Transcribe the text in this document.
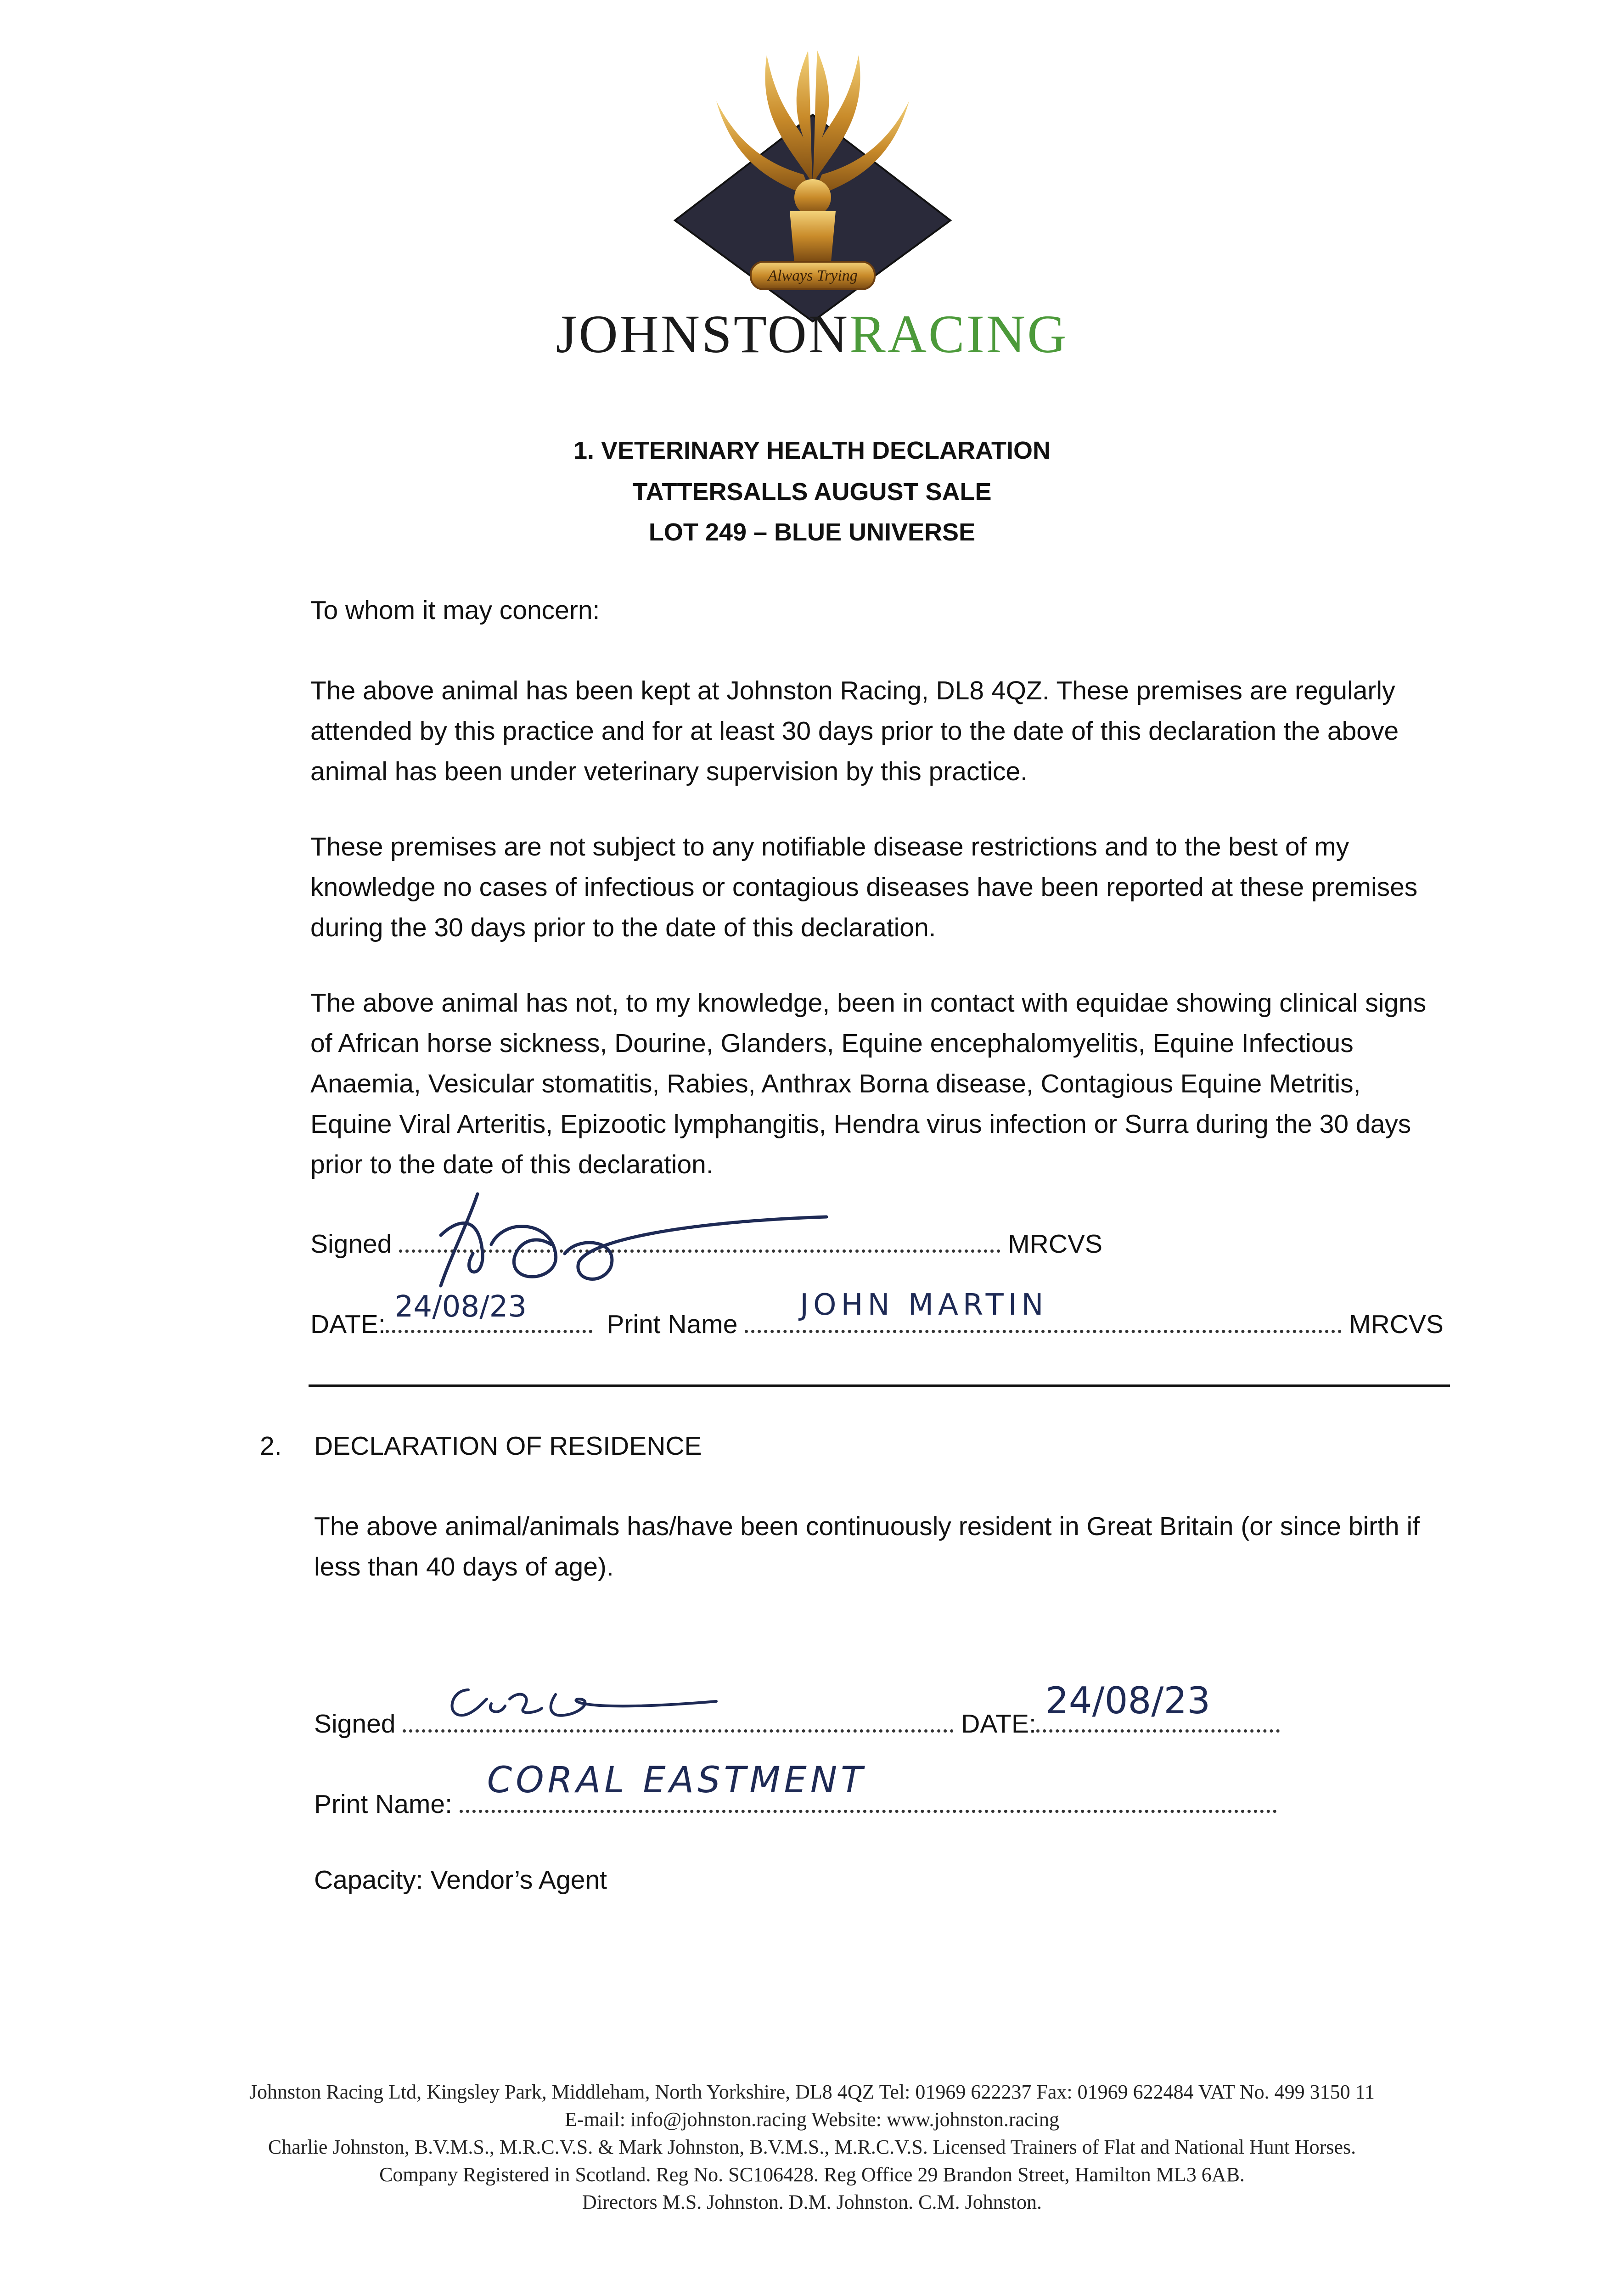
Always Trying
JOHNSTONRACING
1. VETERINARY HEALTH DECLARATION
TATTERSALLS AUGUST SALE
LOT 249 – BLUE UNIVERSE
To whom it may concern:
The above animal has been kept at Johnston Racing, DL8 4QZ. These premises are regularly attended by this practice and for at least 30 days prior to the date of this declaration the above animal has been under veterinary supervision by this practice.
These premises are not subject to any notifiable disease restrictions and to the best of my knowledge no cases of infectious or contagious diseases have been reported at these premises during the 30 days prior to the date of this declaration.
The above animal has not, to my knowledge, been in contact with equidae showing clinical signs of African horse sickness, Dourine, Glanders, Equine encephalomyelitis, Equine Infectious Anaemia, Vesicular stomatitis, Rabies, Anthrax Borna disease, Contagious Equine Metritis, Equine Viral Arteritis, Epizootic lymphangitis, Hendra virus infection or Surra during the 30 days prior to the date of this declaration.
Signed	MRCVS
DATE:
24/08/23
Print Name
JOHN MARTIN
MRCVS
2. DECLARATION OF RESIDENCE
The above animal/animals has/have been continuously resident in Great Britain (or since birth if less than 40 days of age).
Signed	DATE:
24/08/23
Print Name:
CORAL EASTMENT
Capacity: Vendor’s Agent
Johnston Racing Ltd, Kingsley Park, Middleham, North Yorkshire, DL8 4QZ Tel: 01969 622237 Fax: 01969 622484 VAT No. 499 3150 11
E-mail: info@johnston.racing Website: www.johnston.racing
Charlie Johnston, B.V.M.S., M.R.C.V.S. & Mark Johnston, B.V.M.S., M.R.C.V.S. Licensed Trainers of Flat and National Hunt Horses.
Company Registered in Scotland. Reg No. SC106428. Reg Office 29 Brandon Street, Hamilton ML3 6AB.
Directors M.S. Johnston. D.M. Johnston. C.M. Johnston.
